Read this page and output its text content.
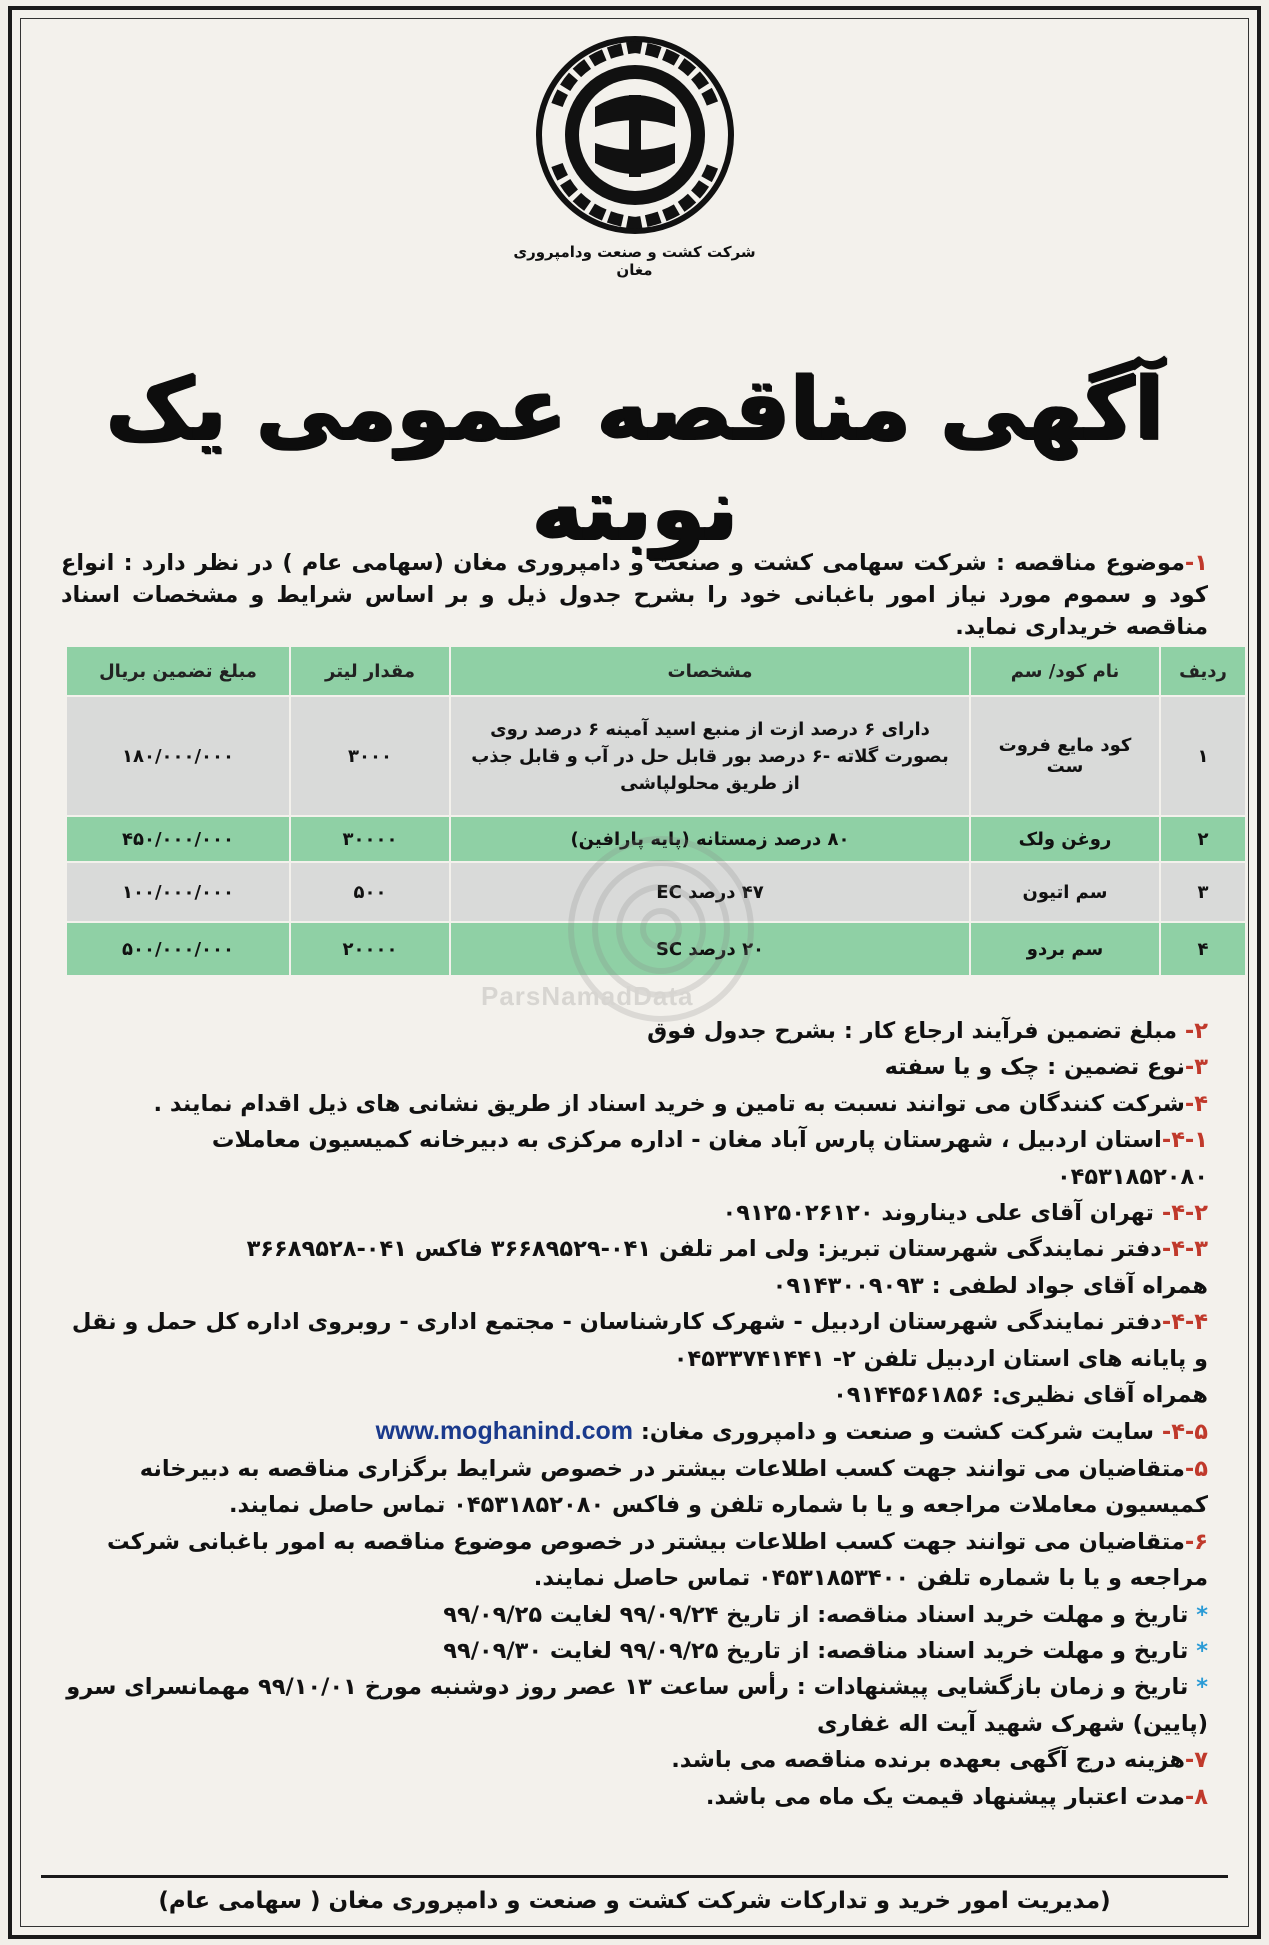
شرکت کشت و صنعت ودامپروری مغان
آگهی مناقصه عمومی یک نوبته
۱-موضوع مناقصه : شرکت سهامی کشت و صنعت و دامپروری مغان (سهامی عام ) در نظر دارد : انواع کود و سموم مورد نیاز امور باغبانی خود را بشرح جدول ذیل و بر اساس شرایط و مشخصات اسناد مناقصه خریداری نماید.
ردیف	نام کود/ سم	مشخصات	مقدار لیتر	مبلغ تضمین بریال
۱	کود مایع فروت ست	دارای ۶ درصد ازت از منبع اسید آمینه ۶ درصد روی بصورت گلاته -۶ درصد بور قابل حل در آب و قابل جذب از طریق محلولپاشی	۳۰۰۰	۱۸۰/۰۰۰/۰۰۰
۲	روغن ولک	۸۰ درصد زمستانه (پایه پارافین)	۳۰۰۰۰	۴۵۰/۰۰۰/۰۰۰
۳	سم اتیون	۴۷ درصد EC	۵۰۰	۱۰۰/۰۰۰/۰۰۰
۴	سم بردو	۲۰ درصد SC	۲۰۰۰۰	۵۰۰/۰۰۰/۰۰۰
ParsNamadData

۲- مبلغ تضمین فرآیند ارجاع کار : بشرح جدول فوق

۳-نوع تضمین : چک و یا سفته

۴-شرکت کنندگان می توانند نسبت به تامین و خرید اسناد از طریق نشانی های ذیل اقدام نمایند .

۴-۱-استان اردبیل ، شهرستان پارس آباد مغان - اداره مرکزی به دبیرخانه کمیسیون معاملات ۰۴۵۳۱۸۵۲۰۸۰

۴-۲- تهران آقای علی دیناروند ۰۹۱۲۵۰۲۶۱۲۰

۴-۳-دفتر نمایندگی شهرستان تبریز: ولی امر تلفن ۰۴۱-۳۶۶۸۹۵۲۹ فاکس ۰۴۱-۳۶۶۸۹۵۲۸

همراه آقای جواد لطفی : ۰۹۱۴۳۰۰۹۰۹۳

۴-۴-دفتر نمایندگی شهرستان اردبیل - شهرک کارشناسان - مجتمع اداری - روبروی اداره کل حمل و نقل و پایانه های استان اردبیل تلفن ۲- ۰۴۵۳۳۷۴۱۴۴۱

همراه آقای نظیری: ۰۹۱۴۴۵۶۱۸۵۶

۴-۵- سایت شرکت کشت و صنعت و دامپروری مغان: www.moghanind.com

۵-متقاضیان می توانند جهت کسب اطلاعات بیشتر در خصوص شرایط برگزاری مناقصه به دبیرخانه کمیسیون معاملات مراجعه و یا با شماره تلفن و فاکس ۰۴۵۳۱۸۵۲۰۸۰ تماس حاصل نمایند.

۶-متقاضیان می توانند جهت کسب اطلاعات بیشتر در خصوص موضوع مناقصه به امور باغبانی شرکت مراجعه و یا با شماره تلفن ۰۴۵۳۱۸۵۳۴۰۰ تماس حاصل نمایند.

* تاریخ و مهلت خرید اسناد مناقصه: از تاریخ ۹۹/۰۹/۲۴ لغایت ۹۹/۰۹/۲۵

* تاریخ و مهلت خرید اسناد مناقصه: از تاریخ ۹۹/۰۹/۲۵ لغایت ۹۹/۰۹/۳۰

* تاریخ و زمان بازگشایی پیشنهادات : رأس ساعت ۱۳ عصر روز دوشنبه مورخ ۹۹/۱۰/۰۱ مهمانسرای سرو (پایین) شهرک شهید آیت اله غفاری

۷-هزینه درج آگهی بعهده برنده مناقصه می باشد.

۸-مدت اعتبار پیشنهاد قیمت یک ماه می باشد.

(مدیریت امور خرید و تدارکات شرکت کشت و صنعت و دامپروری مغان ( سهامی عام)
